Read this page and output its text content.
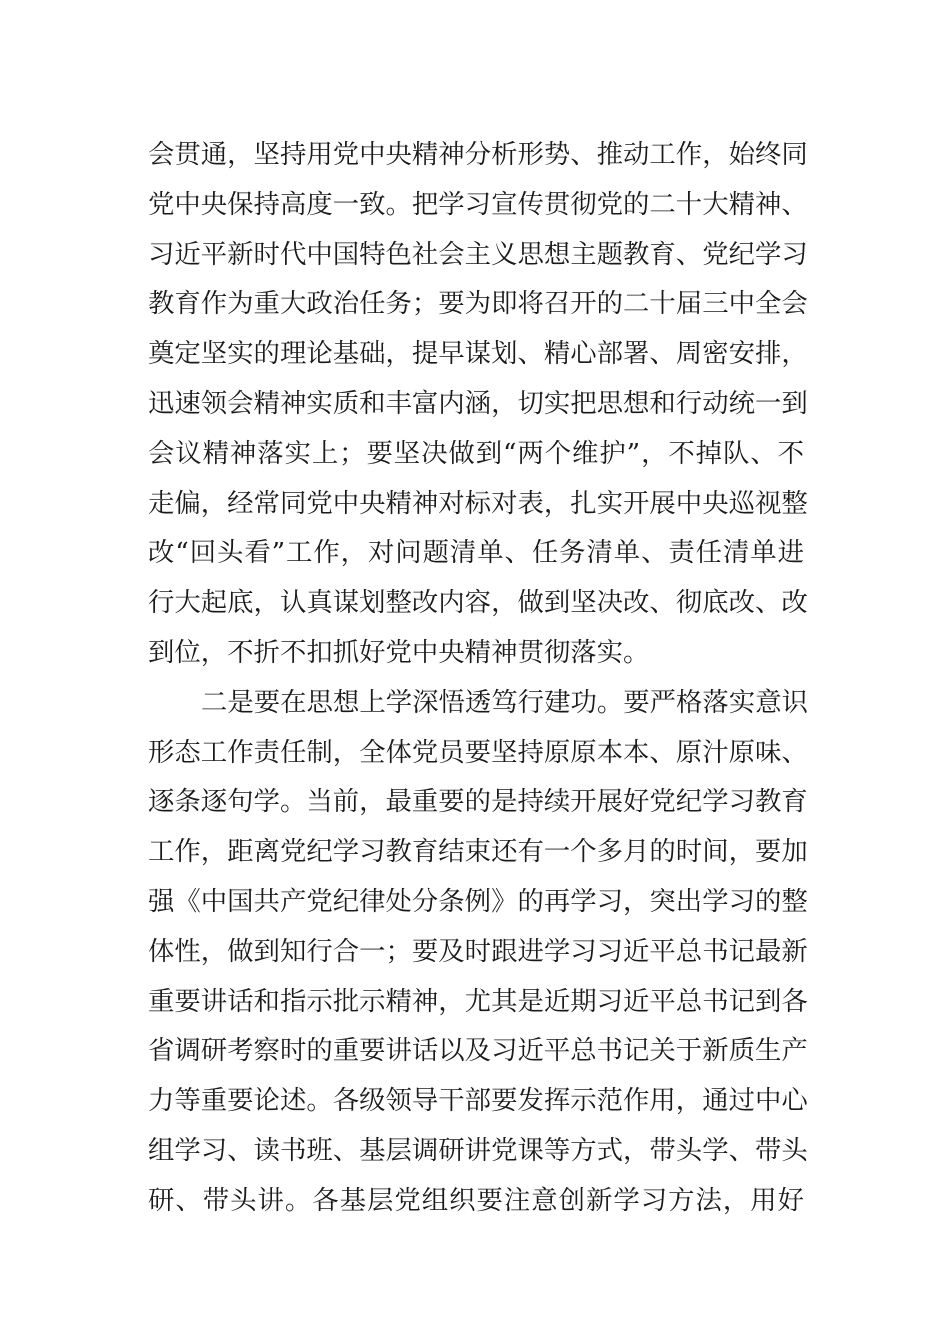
会贯通，坚持用党中央精神分析形势、推动工作，始终同
党中央保持高度一致。把学习宣传贯彻党的二十大精神、
习近平新时代中国特色社会主义思想主题教育、党纪学习
教育作为重大政治任务；要为即将召开的二十届三中全会
奠定坚实的理论基础，提早谋划、精心部署、周密安排，
迅速领会精神实质和丰富内涵，切实把思想和行动统一到
会议精神落实上；要坚决做到“两个维护”，不掉队、不
走偏，经常同党中央精神对标对表，扎实开展中央巡视整
改“回头看”工作，对问题清单、任务清单、责任清单进
行大起底，认真谋划整改内容，做到坚决改、彻底改、改
到位，不折不扣抓好党中央精神贯彻落实。
二是要在思想上学深悟透笃行建功。要严格落实意识
形态工作责任制，全体党员要坚持原原本本、原汁原味、
逐条逐句学。当前，最重要的是持续开展好党纪学习教育
工作，距离党纪学习教育结束还有一个多月的时间，要加
强《中国共产党纪律处分条例》的再学习，突出学习的整
体性，做到知行合一；要及时跟进学习习近平总书记最新
重要讲话和指示批示精神，尤其是近期习近平总书记到各
省调研考察时的重要讲话以及习近平总书记关于新质生产
力等重要论述。各级领导干部要发挥示范作用，通过中心
组学习、读书班、基层调研讲党课等方式，带头学、带头
研、带头讲。各基层党组织要注意创新学习方法，用好
